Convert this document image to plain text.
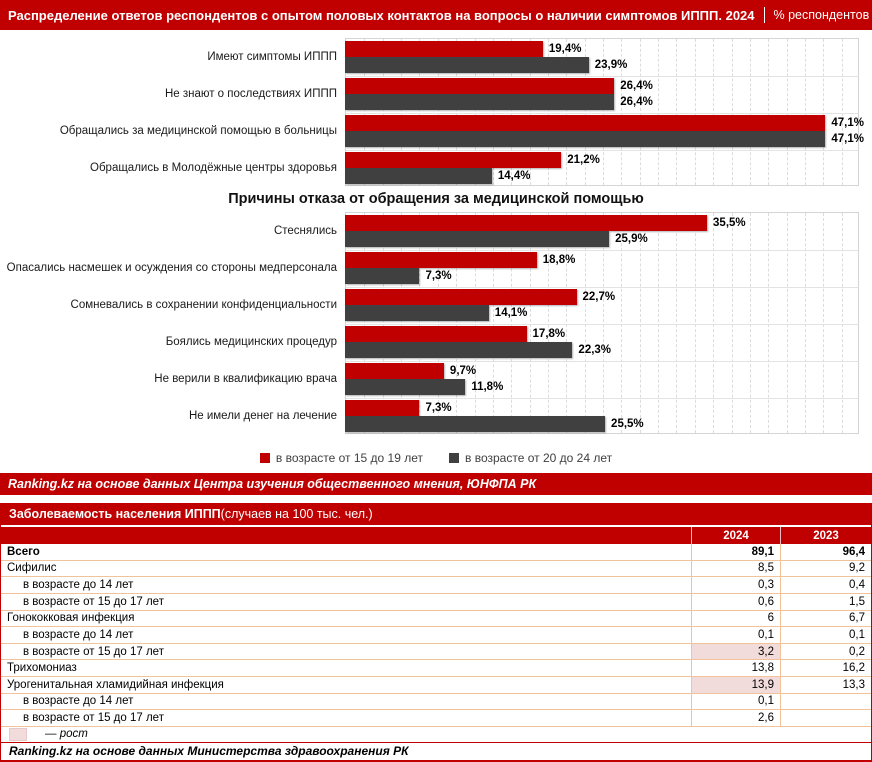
Распределение ответов респондентов с опытом половых контактов на вопросы о наличии симптомов ИППП. 2024 % респондентов
Имеют симптомы ИППП
19,4%
23,9%
Не знают о последствиях ИППП
26,4%
26,4%
Обращались за медицинской помощью в больницы
47,1%
47,1%
Обращались в Молодёжные центры здоровья
21,2%
14,4%
Причины отказа от обращения за медицинской помощью
Стеснялись
35,5%
25,9%
Опасались насмешек и осуждения со стороны медперсонала
18,8%
7,3%
Сомневались в сохранении конфиденциальности
22,7%
14,1%
Боялись медицинских процедур
17,8%
22,3%
Не верили в квалификацию врача
9,7%
11,8%
Не имели денег на лечение
7,3%
25,5%
в возрасте от 15 до 19 лет	в возрасте от 20 до 24 лет
Ranking.kz на основе данных Центра изучения общественного мнения, ЮНФПА РК
Заболеваемость населения ИППП (случаев на 100 тыс. чел.)
2024	2023
Всего	89,1	96,4
Сифилис	8,5	9,2
в возрасте до 14 лет	0,3	0,4
в возрасте от 15 до 17 лет	0,6	1,5
Гонококковая инфекция	6	6,7
в возрасте до 14 лет	0,1	0,1
в возрасте от 15 до 17 лет	3,2	0,2
Трихомониаз	13,8	16,2
Урогенитальная хламидийная инфекция	13,9	13,3
в возрасте до 14 лет	0,1
в возрасте от 15 до 17 лет	2,6
— рост
Ranking.kz на основе данных Министерства здравоохранения РК
